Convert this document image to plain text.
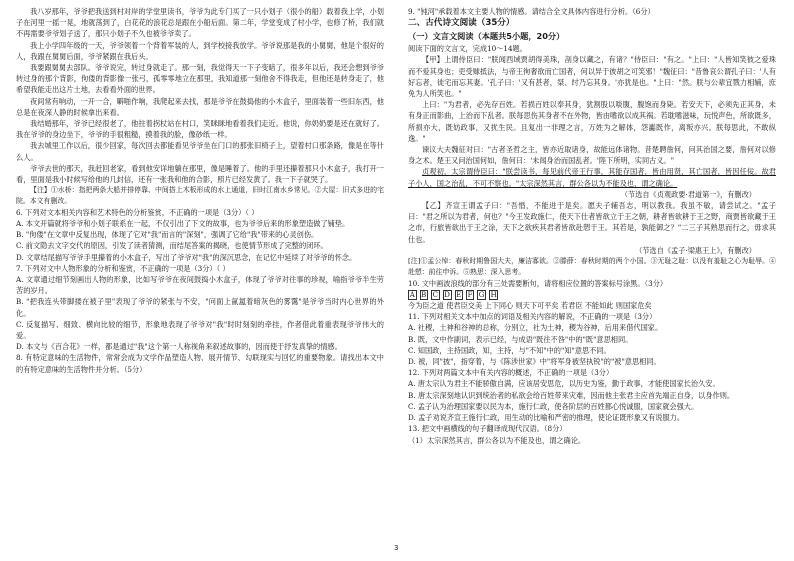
我八岁那年，爷爷把我送到村对岸的学堂里读书，爷爷为此专门买了一只小划子（很小的船）载着我上学，小划子在河里一摇一晃，地就荡到了，白花花的浪花总是跟在小船后面。第二年，学堂变成了村小学，也修了桥，我们就不再需要爷爷划子送了，那只小划子不久也被爷爷卖了。

我上小学四年级的一天，爷爷领着一个背着军装的人，到学校接我放学。爷爷说那是我的小舅舅，他是个很好的人，我跟在舅舅后面，爷爷紧跟在我后头。

我要跟舅舅去部队。爷爷说完，转过身就走了。那一刻，我觉得天一下子变暗了，很多年以后，我还会想到爷爷转过身的那个背影，佝偻的背影像一张弓，孤零零地立在那里，我知道那一刻他舍不得我走，但他还是转身走了，他希望我能走出这片土地，去看看外面的世界。

夜间常有响动，一开一合，噼啪作响，我爬起来去找，那是爷爷在鼓捣他的小木盒子，里面装着一些旧东西，他总是在夜深人静的时候拿出来看。

我结婚那年，爷爷已经很老了，他拄着拐杖站在村口，笑眯眯地看着我们走近。他说，你奶奶要是还在就好了。我在爷爷的身边坐下，爷爷的手很粗糙，摸着我的脸，像砂纸一样。

我去城里工作以后，很少回家，每次回去都能看见爷爷坐在门口的那张旧椅子上，望着村口那条路，像是在等什么人。

爷爷去世的那天，我赶回老家，看到他安详地躺在那里，像是睡着了。他的手里还攥着那只小木盒子，我打开一看，里面是我小时候写给他的几封信，还有一张我和他的合影，照片已经发黄了。我一下子就哭了。

【注】①水桥：指把两条大船并排停靠、中间搭上木板形成的水上通道，旧时江南水乡常见。②大屋：旧式多进的宅院。本文有删改。

6. 下列对文本相关内容和艺术特色的分析鉴赏，不正确的一项是（3分）（ ）

A. 本文开篇就将爷爷和小划子联系在一起，不仅引出了下文的故事，也为爷爷后来的形象塑造做了铺垫。

B. "佝偻"在文章中反复出现，体现了它对"我"而言的"深刻"，强调了它给"我"带来的心灵创伤。

C. 前文隐去文字交代的原因，引发了读者猜测，而结尾答案的揭晓，也使情节形成了完整的闭环。

D. 文章结尾描写爷爷手里攥着的小木盒子，写出了爷爷对"我"的深沉思念，在记忆中延续了对爷爷的怀念。

7. 下列对文中人物形象的分析和鉴赏，不正确的一项是（3分）（ ）

A. 文章通过细节刻画出人物的形象，比如写爷爷在夜间鼓捣小木盒子，体现了爷爷对往事的珍视，喻指爷爷半生劳苦的岁月。

B. "把我连头带脚搂在被子里"表现了爷爷的紧张与不安，"问面上氤氲着暗灰色的雾霭"是爷爷当时内心世界的外化。

C. 反复描写、细致、横向比较的细节，形象地表现了爷爷对"我"时时刻刻的牵挂，作者借此着重表现爷爷伟大的爱。

D. 本文与《百合花》一样，都是通过"我"这个第一人称视角来叙述故事的，因而使于抒发真挚的情感。

8. 有特定意味的生活物件，常常会成为文学作品塑造人物、展开情节、勾联现实与回忆的重要物象。请找出本文中的有特定意味的生活物件并分析。（5分）

9. "钝河"承载着本文主要人物的情感。请结合全文具体内容进行分析。（6分）

二、古代诗文阅读（35分）

（一）文言文阅读（本题共5小题，20分）

阅读下面的文言文，完成10～14题。

【甲】上谓侍臣曰："朕闻西域贾胡得美珠，剖身以藏之，有诸？"侍臣曰："有之。"上曰："人皆知笑彼之爱珠而不爱其身也；吏受赇抵法，与帝王徇奢欲而亡国者，何以异于彼胡之可笑邪！"魏征曰："昔鲁哀公谓孔子曰：'人有好忘者，徙宅而忘其妻。'孔子曰：'又有甚者，桀、纣乃忘其身。'亦犹是也。"上曰："然。朕与公辈宜戮力相辅，庶免为人所笑也。"

上曰："为君者，必先存百姓。若损百姓以奉其身，犹割股以啖腹，腹饱而身毙。若安天下，必须先正其身，未有身正而影曲，上治而下乱者。朕每思伤其身者不在外物，皆由嗜欲以成其祸。若耽嗜滋味，玩悦声色，所欲既多，所损亦大，既妨政事，又扰生民。且复出一非理之言，万姓为之解体，怨讟既作，离叛亦兴。朕每思此，不敢纵逸。"

谏议大夫魏征对曰："古者圣哲之主，皆亦近取诸身，故能远体诸物。昔楚聘詹何，问其治国之要，詹何对以修身之术。楚王又问治国何如，詹何曰：'未闻身治而国乱者。'陛下所明，实同古义。"

贞观初，太宗谓侍臣曰："朕尝读书，每见前代帝王行事，其能存国者，皆由用贤，其亡国者，皆因任佞。故君子小人，国之治乱，不可不察也。"太宗深然其言，群公各以为不能及也，谓之确论。

（节选自《贞观政要·君道第一》，有删改）

【乙】齐宣王谓孟子曰："吾惛，不能进于是矣。愿夫子辅吾志，明以教我。我虽不敏，请尝试之。"孟子曰："君之所以为君者，何也？"今王发政施仁，使天下仕者皆欲立于王之朝，耕者皆欲耕于王之野，商贾皆欲藏于王之市，行旅皆欲出于王之涂，天下之欲疾其君者皆欲赴愬于王。其若是，孰能御之？"二三子其熟思而行之，毋求其仕也。

（节选自《孟子·梁惠王上》，有删改）

[注]①孟公绰：春秋时期鲁国大夫，廉洁寡欲。②滕薛：春秋时期的两个小国。③无耻之耻：以没有羞耻之心为耻辱。④赴愬：前往申诉。⑤熟思：深入思考。

10. 文中画波浪线的部分有三处需要断句，请将相应位置的答案标号涂黑。（3分）

A B C D E F G H

今为臣之道 使君臣交美 上下同心 则天下可平矣 若君臣 不能如此 则国家危矣

11. 下列对相关文本中加点的词语及相关内容的解说，不正确的一项是（3分）

A. 社稷，土神和谷神的总称，分别立，社为土神，稷为谷神，后用来借代国家。

B. 既，文中作副词，表示已经，与成语"既往不咎"中的"既"意思相同。

C. 知国政，主持国政，知，主持，与"不知"中的"知"意思不同。

D. 被，同"披"，指穿着，与《陈涉世家》中"将军身被坚执锐"的"被"意思相同。

12. 下列对两篇文本中有关内容的概述，不正确的一项是（3分）

A. 唐太宗认为君主不能骄傲自满，应该居安思危，以历史为鉴，勤于政事，才能使国家长治久安。

B. 唐太宗深刻地认识到统治者的私欲会给百姓带来灾难，因而他主张君主应首先端正自身，以身作则。

C. 孟子认为治理国家要以民为本，施行仁政，使各阶层的百姓都心悦诚服，国家就会强大。

D. 孟子劝说齐宣王施行仁政，用生动的比喻和严密的推理，使论证既形象又有说服力。

13. 把文中画横线的句子翻译成现代汉语。（8分）

（1）太宗深然其言，群公各以为不能及也，谓之确论。

3
